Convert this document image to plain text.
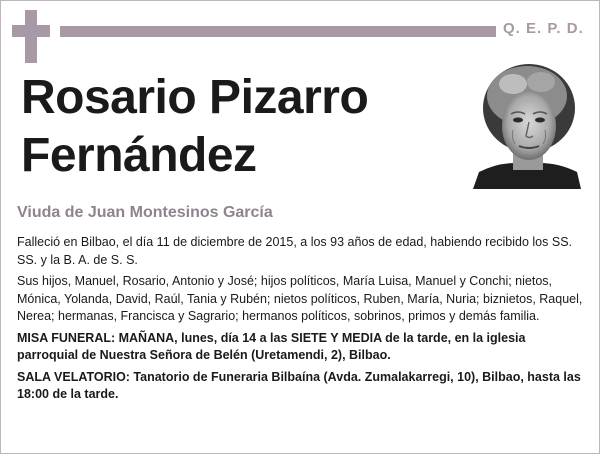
Q. E. P. D.
Rosario Pizarro
Fernández
Viuda de Juan Montesinos García

Falleció en Bilbao, el día 11 de diciembre de 2015, a los 93 años de edad, habiendo recibido los SS. SS. y la B. A. de S. S.

Sus hijos, Manuel, Rosario, Antonio y José; hijos políticos, María Luisa, Manuel y Conchi; nietos, Mónica, Yolanda, David, Raúl, Tania y Rubén; nietos políticos, Ruben, María, Nuria; biznietos, Raquel, Nerea; hermanas, Francisca y Sagrario; hermanos políticos, sobrinos, primos y demás familia.

MISA FUNERAL: MAÑANA, lunes, día 14 a las SIETE Y MEDIA de la tarde, en la iglesia parroquial de Nuestra Señora de Belén (Uretamendi, 2), Bilbao.

SALA VELATORIO: Tanatorio de Funeraria Bilbaína (Avda. Zumalakarregi, 10), Bilbao, hasta las 18:00 de la tarde.
